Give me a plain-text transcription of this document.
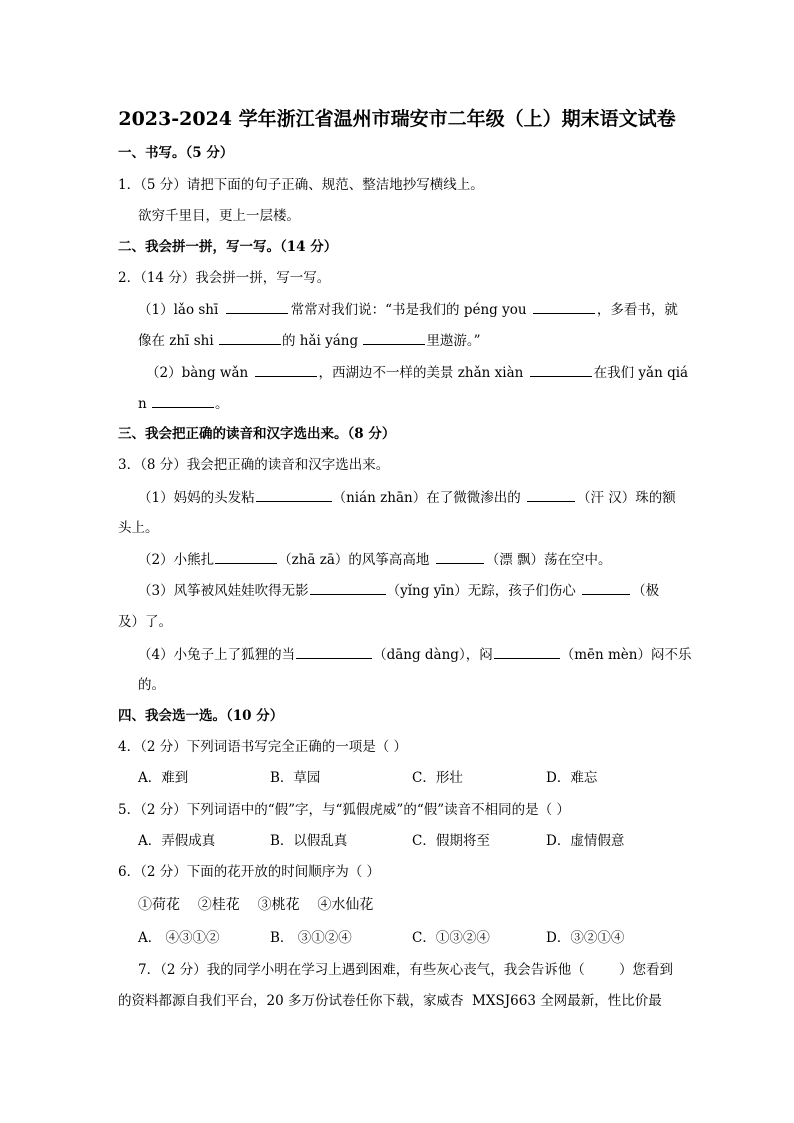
2023-2024 学年浙江省温州市瑞安市二年级（上）期末语文试卷
一、书写。（5 分）
1．（5 分）请把下面的句子正确、规范、整洁地抄写横线上。
欲穷千里目，更上一层楼。
二、我会拼一拼，写一写。（14 分）
2．（14 分）我会拼一拼，写一写。
（1）lǎo shī	常常对我们说：“书是我们的 péng you	，多看书，就
像在 zhī shi	的 hǎi yáng	里遨游。”
（2）bàng wǎn	，西湖边不一样的美景 zhǎn xiàn	在我们 yǎn qiá
n	。
三、我会把正确的读音和汉字选出来。（8 分）
3．（8 分）我会把正确的读音和汉字选出来。
（1）妈妈的头发粘	（nián zhān）在了微微渗出的	（汗 汉）珠的额
头上。
（2）小熊扎	（zhā zā）的风筝高高地	（漂 飘）荡在空中。
（3）风筝被风娃娃吹得无影	（yǐng yīn）无踪，孩子们伤心	（极
及）了。
（4）小兔子上了狐狸的当	（dāng dàng），闷	（mēn mèn）闷不乐
的。
四、我会选一选。（10 分）
4．（2 分）下列词语书写完全正确的一项是（ ）
A．难到	B．草园	C．形壮	D．难忘
5．（2 分）下列词语中的“假”字，与“狐假虎威”的“假”读音不相同的是（ ）
A．弄假成真	B．以假乱真	C．假期将至	D．虚情假意
6．（2 分）下面的花开放的时间顺序为（ ）
①荷花    ②桂花    ③桃花    ④水仙花
A． ④③①②	B． ③①②④	C．①③②④	D．③②①④
7．（2 分）我的同学小明在学习上遇到困难，有些灰心丧气，我会告诉他（        ）您看到
的资料都源自我们平台，20 多万份试卷任你下载，家威杏  MXSJ663 全网最新，性比价最
